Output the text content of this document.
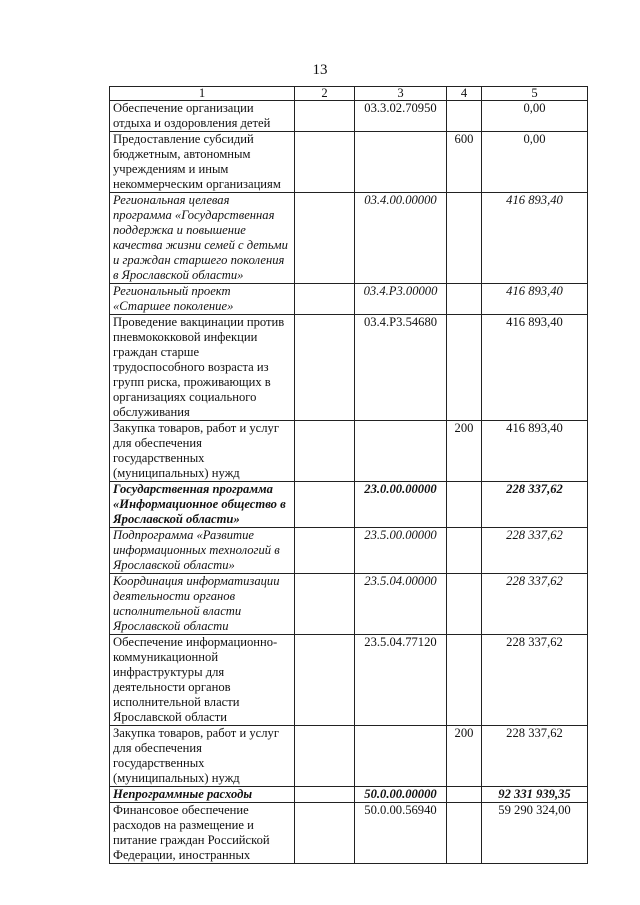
13
1	2	3	4	5
Обеспечение организации отдыха и оздоровления детей		03.3.02.70950		0,00
Предоставление субсидий бюджетным, автономным учреждениям и иным некоммерческим организациям			600	0,00
Региональная целевая программа «Государственная поддержка и повышение качества жизни семей с детьми и граждан старшего поколения в Ярославской области»		03.4.00.00000		416 893,40
Региональный проект «Старшее поколение»		03.4.P3.00000		416 893,40
Проведение вакцинации против пневмококковой инфекции граждан старше трудоспособного возраста из групп риска, проживающих в организациях социального обслуживания		03.4.P3.54680		416 893,40
Закупка товаров, работ и услуг для обеспечения государственных (муниципальных) нужд			200	416 893,40
Государственная программа «Информационное общество в Ярославской области»		23.0.00.00000		228 337,62
Подпрограмма «Развитие информационных технологий в Ярославской области»		23.5.00.00000		228 337,62
Координация информатизации деятельности органов исполнительной власти Ярославской области		23.5.04.00000		228 337,62
Обеспечение информационно-коммуникационной инфраструктуры для деятельности органов исполнительной власти Ярославской области		23.5.04.77120		228 337,62
Закупка товаров, работ и услуг для обеспечения государственных (муниципальных) нужд			200	228 337,62
Непрограммные расходы		50.0.00.00000		92 331 939,35
Финансовое обеспечение расходов на размещение и питание граждан Российской Федерации, иностранных		50.0.00.56940		59 290 324,00
